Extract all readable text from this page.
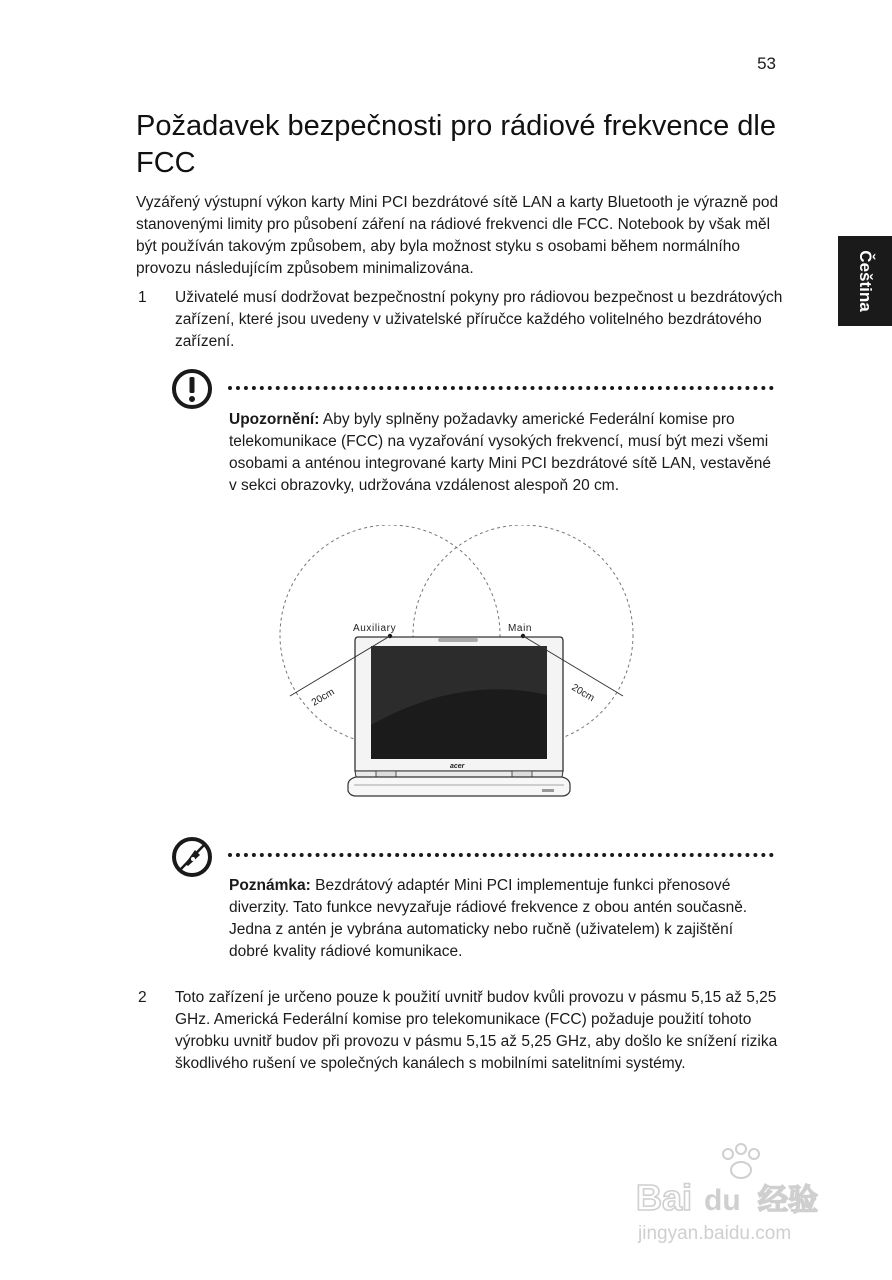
53
Požadavek bezpečnosti pro rádiové frekvence dle FCC
Čeština

Vyzářený výstupní výkon karty Mini PCI bezdrátové sítě LAN a karty Bluetooth je výrazně pod stanovenými limity pro působení záření na rádiové frekvenci dle FCC. Notebook by však měl být používán takovým způsobem, aby byla možnost styku s osobami během normálního provozu následujícím způsobem minimalizována.

1 Uživatelé musí dodržovat bezpečnostní pokyny pro rádiovou bezpečnost u bezdrátových zařízení, které jsou uvedeny v uživatelské příručce každého volitelného bezdrátového zařízení.

Upozornění: Aby byly splněny požadavky americké Federální komise pro telekomunikace (FCC) na vyzařování vysokých frekvencí, musí být mezi všemi osobami a anténou integrované karty Mini PCI bezdrátové sítě LAN, vestavěné v sekci obrazovky, udržována vzdálenost alespoň 20 cm.

acer
Auxiliary	Main
20cm	20cm

Poznámka: Bezdrátový adaptér Mini PCI implementuje funkci přenosové diverzity. Tato funkce nevyzařuje rádiové frekvence z obou antén současně. Jedna z antén je vybrána automaticky nebo ručně (uživatelem) k zajištění dobré kvality rádiové komunikace.

2 Toto zařízení je určeno pouze k použití uvnitř budov kvůli provozu v pásmu 5,15 až 5,25 GHz. Americká Federální komise pro telekomunikace (FCC) požaduje použití tohoto výrobku uvnitř budov při provozu v pásmu 5,15 až 5,25 GHz, aby došlo ke snížení rizika škodlivého rušení ve společných kanálech s mobilními satelitními systémy.

Bai du 经验
jingyan.baidu.com
